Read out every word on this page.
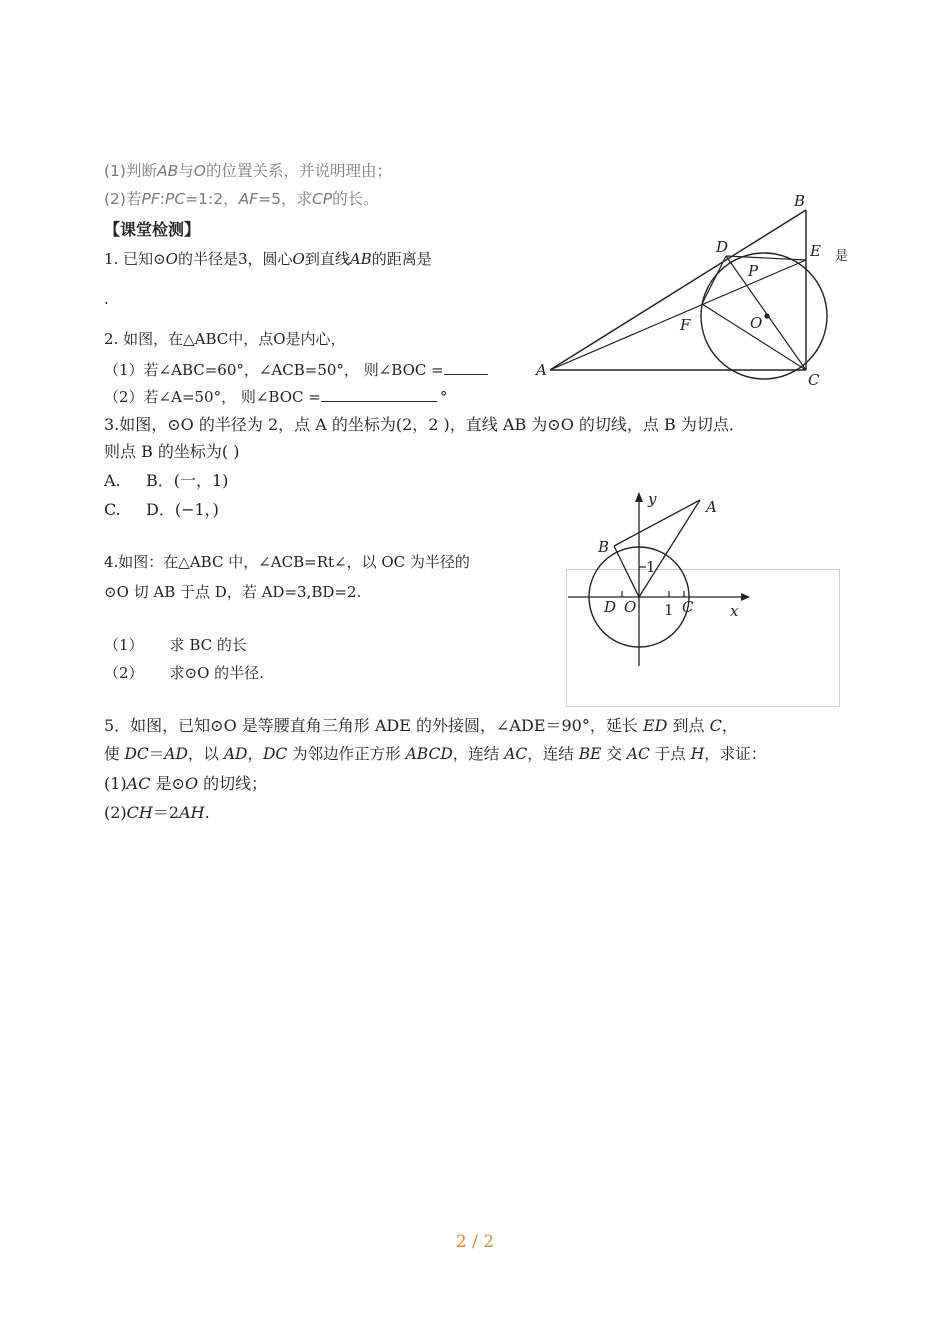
(1)判断AB与O的位置关系，并说明理由；
(2)若PF:PC=1:2，AF=5，求CP的长。
【课堂检测】
1. 已知⊙O的半径是3，圆心O到直线AB的距离是
.
A
B
C
D	E
F
P
O
是
2. 如图，在△ABC中，点O是内心，
（1）若∠ABC=60°，∠ACB=50°， 则∠BOC =
（2）若∠A=50°， 则∠BOC =	°
3.如图，⊙O 的半径为 2，点 A 的坐标为(2，2 )，直线 AB 为⊙O 的切线，点 B 为切点．
则点 B 的坐标为( )
A. B．(一，1)
C. D．(−1，)
4.如图：在△ABC 中，∠ACB=Rt∠，以 OC 为半径的
⊙O 切 AB 于点 D，若 AD=3,BD=2.
（1） 求 BC 的长
（2） 求⊙O 的半径.
A
B
C
D O	x
y
1
1
5．如图，已知⊙O 是等腰直角三角形 ADE 的外接圆，∠ADE＝90°，延长 ED 到点 C，
使 DC＝AD，以 AD，DC 为邻边作正方形 ABCD，连结 AC，连结 BE 交 AC 于点 H，求证：
(1)AC 是⊙O 的切线；
(2)CH＝2AH.
2 / 2
